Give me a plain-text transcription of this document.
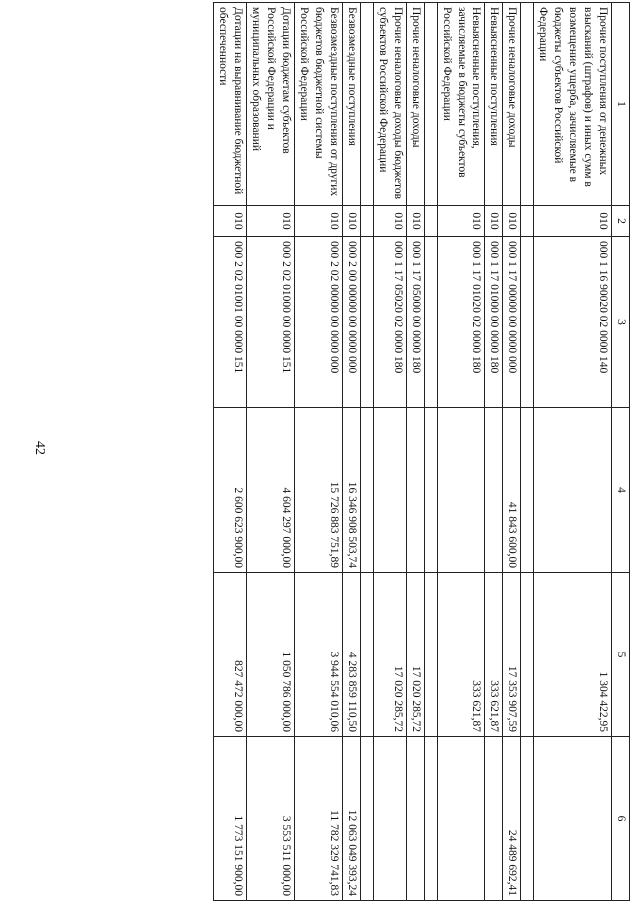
42
1	2	3	4	5	6
Прочие поступления от денежных взысканий (штрафов) и иных сумм в возмещение ущерба, зачисляемые в бюджеты субъектов Российской Федерации	010	000 1 16 90020 02 0000 140		1 304 422,95	

Прочие неналоговые доходы	010	000 1 17 00000 00 0000 000	41 843 600,00	17 353 907,59	24 489 692,41
Невыясненные поступления	010	000 1 17 01000 00 0000 180		333 621,87	
Невыясненные поступления, зачисляемые в бюджеты субъектов Российской Федерации	010	000 1 17 01020 02 0000 180		333 621,87	

Прочие неналоговые доходы	010	000 1 17 05000 00 0000 180		17 020 285,72	
Прочие неналоговые доходы бюджетов субъектов Российской Федерации	010	000 1 17 05020 02 0000 180		17 020 285,72	

Безвозмездные поступления	010	000 2 00 00000 00 0000 000	16 346 908 503,74	4 283 859 110,50	12 063 049 393,24
Безвозмездные поступления от других бюджетов бюджетной системы Российской Федерации	010	000 2 02 00000 00 0000 000	15 726 883 751,89	3 944 554 010,06	11 782 329 741,83
Дотации бюджетам субъектов Российской Федерации и муниципальных образований	010	000 2 02 01000 00 0000 151	4 604 297 000,00	1 050 786 000,00	3 553 511 000,00
Дотации на выравнивание бюджетной обеспеченности	010	000 2 02 01001 00 0000 151	2 600 623 900,00	827 472 000,00	1 773 151 900,00
